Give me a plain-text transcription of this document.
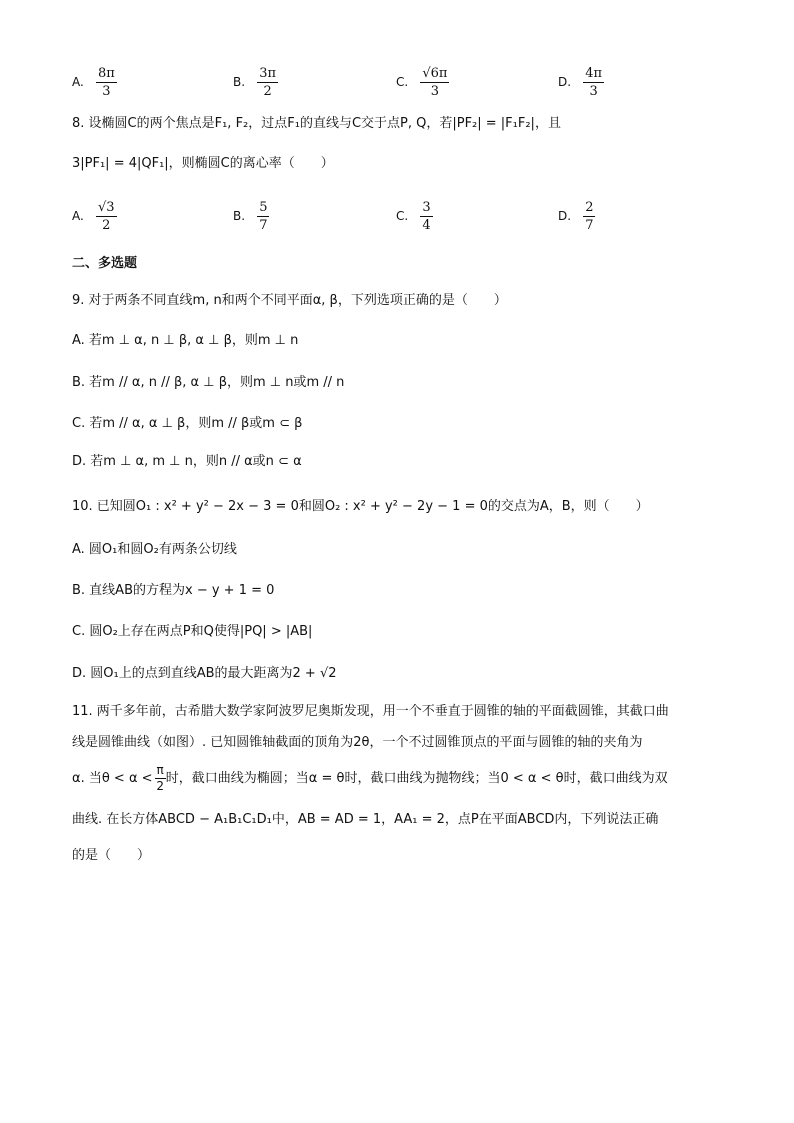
A. $\frac{8\pi}{3}$	B. $\frac{3\pi}{2}$	C. $\frac{√6\pi}{3}$	D. $\frac{4\pi}{3}$
8. 设椭圆C的两个焦点是F₁, F₂，过点F₁的直线与C交于点P, Q，若|PF₂| = |F₁F₂|，且
3|PF₁| = 4|QF₁|，则椭圆C的离心率（　　）
A. $\frac{√3}{2}$	B. $\frac{5}{7}$	C. $\frac{3}{4}$	D. $\frac{2}{7}$
二、多选题
9. 对于两条不同直线m, n和两个不同平面α, β，下列选项正确的是（　　）
A. 若m ⊥ α, n ⊥ β, α ⊥ β，则m ⊥ n
B. 若m // α, n // β, α ⊥ β，则m ⊥ n或m // n
C. 若m // α, α ⊥ β，则m // β或m ⊂ β
D. 若m ⊥ α, m ⊥ n，则n // α或n ⊂ α
10. 已知圆O₁ : x² + y² − 2x − 3 = 0和圆O₂ : x² + y² − 2y − 1 = 0的交点为A，B，则（　　）
A. 圆O₁和圆O₂有两条公切线
B. 直线AB的方程为x − y + 1 = 0
C. 圆O₂上存在两点P和Q使得|PQ| > |AB|
D. 圆O₁上的点到直线AB的最大距离为2 + √2
11. 两千多年前，古希腊大数学家阿波罗尼奥斯发现，用一个不垂直于圆锥的轴的平面截圆锥，其截口曲
线是圆锥曲线（如图）. 已知圆锥轴截面的顶角为2θ，一个不过圆锥顶点的平面与圆锥的轴的夹角为
α. 当$\theta < \alpha < \frac{\pi}{2}$ 时，截口曲线为椭圆；当α = θ时，截口曲线为抛物线；当0 < α < θ时，截口曲线为双
曲线. 在长方体ABCD − A₁B₁C₁D₁中，AB = AD = 1，AA₁ = 2，点P在平面ABCD内，下列说法正确
的是（　　）
